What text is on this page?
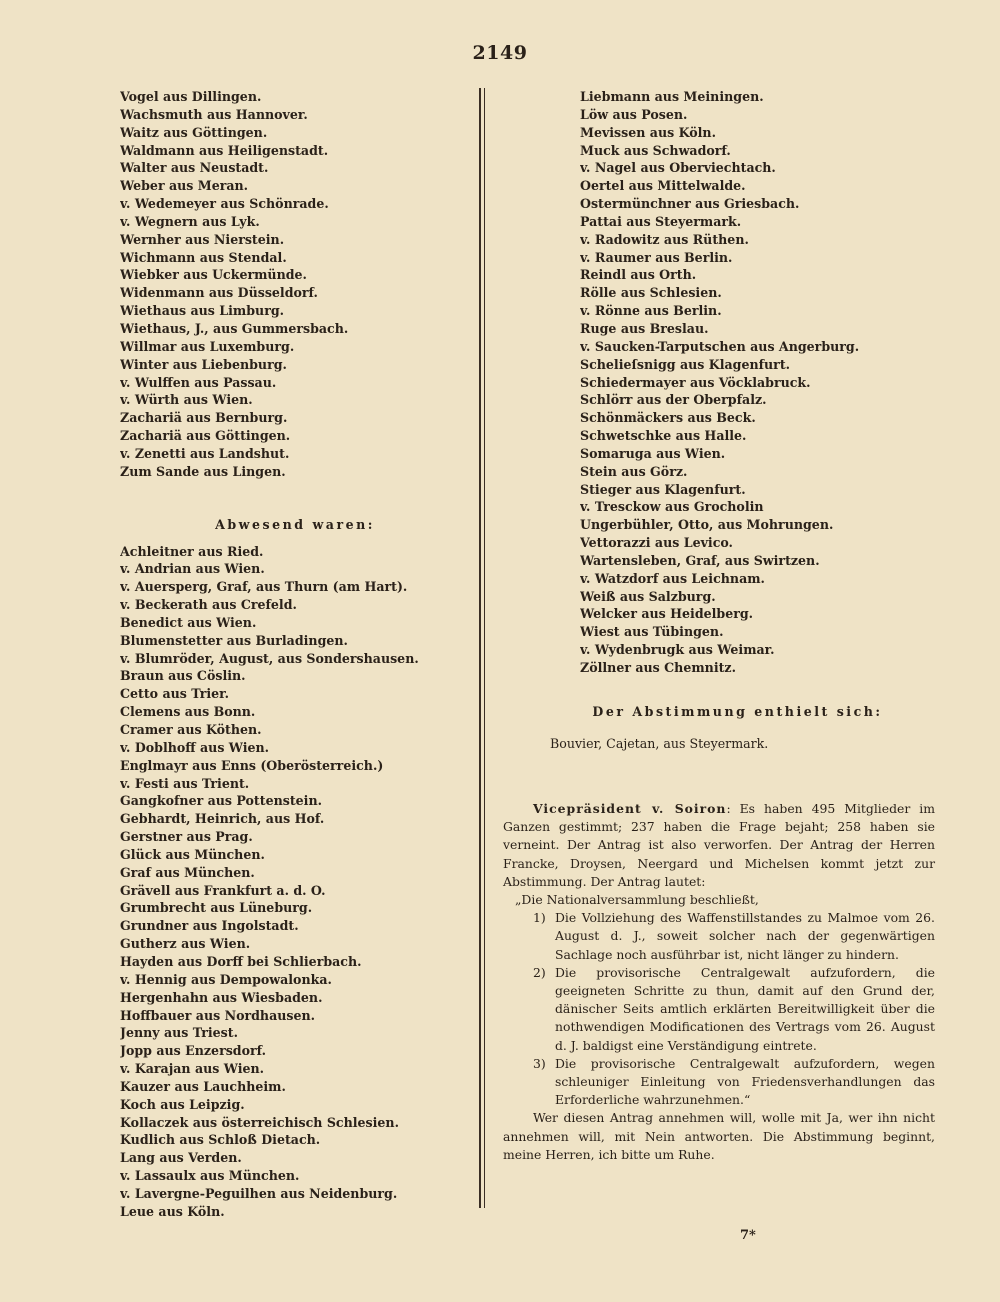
2149
Vogel aus Dillingen.
Wachsmuth aus Hannover.
Waitz aus Göttingen.
Waldmann aus Heiligenstadt.
Walter aus Neustadt.
Weber aus Meran.
v. Wedemeyer aus Schönrade.
v. Wegnern aus Lyk.
Wernher aus Nierstein.
Wichmann aus Stendal.
Wiebker aus Uckermünde.
Widenmann aus Düsseldorf.
Wiethaus aus Limburg.
Wiethaus, J., aus Gummersbach.
Willmar aus Luxemburg.
Winter aus Liebenburg.
v. Wulffen aus Passau.
v. Würth aus Wien.
Zachariä aus Bernburg.
Zachariä aus Göttingen.
v. Zenetti aus Landshut.
Zum Sande aus Lingen.
Abwesend waren:
Achleitner aus Ried.
v. Andrian aus Wien.
v. Auersperg, Graf, aus Thurn (am Hart).
v. Beckerath aus Crefeld.
Benedict aus Wien.
Blumenstetter aus Burladingen.
v. Blumröder, August, aus Sondershausen.
Braun aus Cöslin.
Cetto aus Trier.
Clemens aus Bonn.
Cramer aus Köthen.
v. Doblhoff aus Wien.
Englmayr aus Enns (Oberösterreich.)
v. Festi aus Trient.
Gangkofner aus Pottenstein.
Gebhardt, Heinrich, aus Hof.
Gerstner aus Prag.
Glück aus München.
Graf aus München.
Grävell aus Frankfurt a. d. O.
Grumbrecht aus Lüneburg.
Grundner aus Ingolstadt.
Gutherz aus Wien.
Hayden aus Dorff bei Schlierbach.
v. Hennig aus Dempowalonka.
Hergenhahn aus Wiesbaden.
Hoffbauer aus Nordhausen.
Jenny aus Triest.
Jopp aus Enzersdorf.
v. Karajan aus Wien.
Kauzer aus Lauchheim.
Koch aus Leipzig.
Kollaczek aus österreichisch Schlesien.
Kudlich aus Schloß Dietach.
Lang aus Verden.
v. Lassaulx aus München.
v. Lavergne-Peguilhen aus Neidenburg.
Leue aus Köln.
Liebmann aus Meiningen.
Löw aus Posen.
Mevissen aus Köln.
Muck aus Schwadorf.
v. Nagel aus Oberviechtach.
Oertel aus Mittelwalde.
Ostermünchner aus Griesbach.
Pattai aus Steyermark.
v. Radowitz aus Rüthen.
v. Raumer aus Berlin.
Reindl aus Orth.
Rölle aus Schlesien.
v. Rönne aus Berlin.
Ruge aus Breslau.
v. Saucken-Tarputschen aus Angerburg.
Schelieſsnigg aus Klagenfurt.
Schiedermayer aus Vöcklabruck.
Schlörr aus der Oberpfalz.
Schönmäckers aus Beck.
Schwetschke aus Halle.
Somaruga aus Wien.
Stein aus Görz.
Stieger aus Klagenfurt.
v. Tresckow aus Grocholin
Ungerbühler, Otto, aus Mohrungen.
Vettorazzi aus Levico.
Wartensleben, Graf, aus Swirtzen.
v. Watzdorf aus Leichnam.
Weiß aus Salzburg.
Welcker aus Heidelberg.
Wiest aus Tübingen.
v. Wydenbrugk aus Weimar.
Zöllner aus Chemnitz.
Der Abstimmung enthielt sich:
Bouvier, Cajetan, aus Steyermark.
Vicepräsident v. Soiron: Es haben 495 Mitglieder im Ganzen gestimmt; 237 haben die Frage bejaht; 258 haben sie verneint. Der Antrag ist also verworfen. Der Antrag der Herren Francke, Droysen, Neergard und Michelsen kommt jetzt zur Abstimmung. Der Antrag lautet:
„Die Nationalversammlung beschließt,
1) Die Vollziehung des Waffenstillstandes zu Malmoe vom 26. August d. J., soweit solcher nach der gegenwärtigen Sachlage noch ausführbar ist, nicht länger zu hindern.
2) Die provisorische Centralgewalt aufzufordern, die geeigneten Schritte zu thun, damit auf den Grund der, dänischer Seits amtlich erklärten Bereitwilligkeit über die nothwendigen Modificationen des Vertrags vom 26. August d. J. baldigst eine Verständigung eintrete.
3) Die provisorische Centralgewalt aufzufordern, wegen schleuniger Einleitung von Friedensverhandlungen das Erforderliche wahrzunehmen.“
Wer diesen Antrag annehmen will, wolle mit Ja, wer ihn nicht annehmen will, mit Nein antworten. Die Abstimmung beginnt, meine Herren, ich bitte um Ruhe.
7*
